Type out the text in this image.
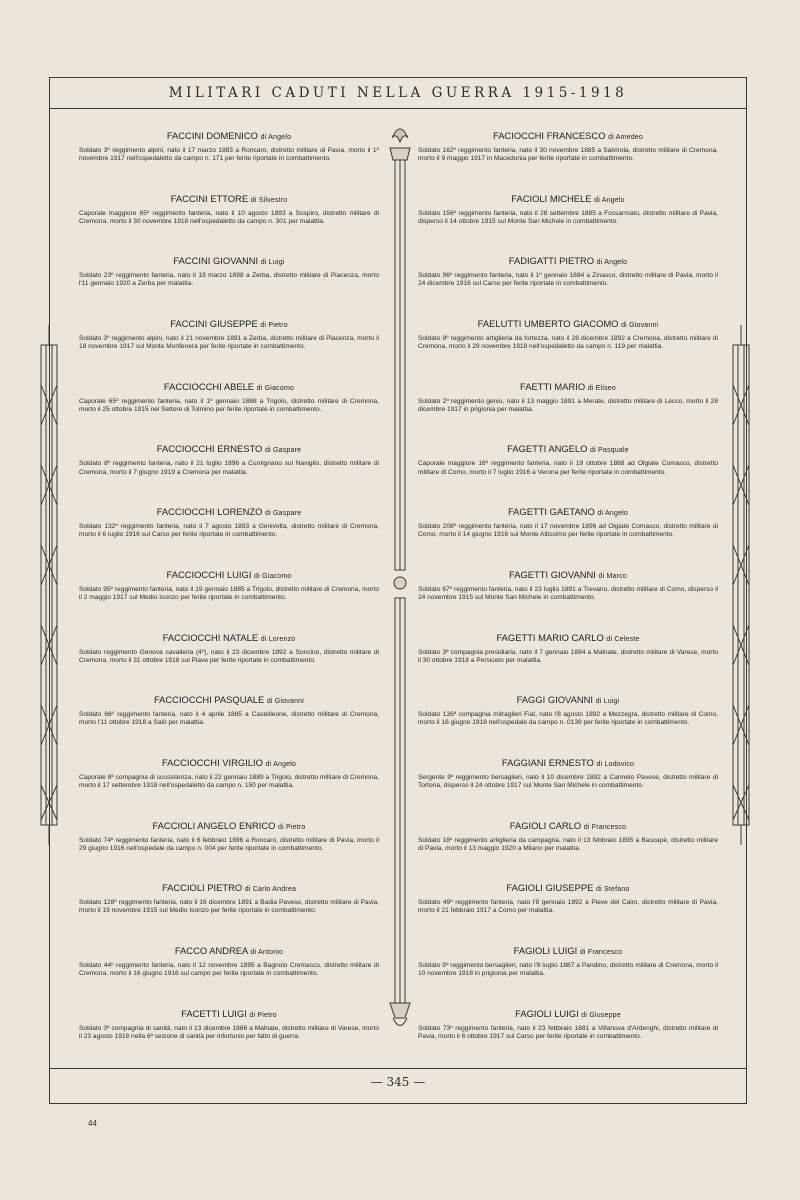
MILITARI CADUTI NELLA GUERRA 1915-1918
FACCINI DOMENICO di Angelo
Soldato 3º reggimento alpini, nato il 17 marzo 1883 a Roncaro, distretto militare di Pavia, morto il 1º novembre 1917 nell'ospedaletto da campo n. 171 per ferite riportate in combattimento.
FACCINI ETTORE di Silvestro
Caporale maggiore 65º reggimento fanteria, nato il 10 agosto 1893 a Sospiro, distretto militare di Cremona, morto il 30 novembre 1918 nell'ospedaletto da campo n. 301 per malattia.
FACCINI GIOVANNI di Luigi
Soldato 23º reggimento fanteria, nato il 19 marzo 1898 a Zerba, distretto militare di Piacenza, morto l'11 gennaio 1920 a Zerba per malattia.
FACCINI GIUSEPPE di Pietro
Soldato 3º reggimento alpini, nato il 21 novembre 1891 a Zerba, distretto militare di Piacenza, morto il 18 novembre 1917 sul Monte Monfenera per ferite riportate in combattimento.
FACCIOCCHI ABELE di Giacomo
Caporale 65º reggimento fanteria, nato il 1º gennaio 1888 a Trigolo, distretto militare di Cremona, morto il 25 ottobre 1915 nel Settore di Tolmino per ferite riportate in combattimento.
FACCIOCCHI ERNESTO di Gaspare
Soldato 8º reggimento fanteria, nato il 21 luglio 1896 a Cumignano sul Naviglio, distretto militare di Cremona, morto il 7 giugno 1919 a Cremona per malattia.
FACCIOCCHI LORENZO di Gaspare
Soldato 132º reggimento fanteria, nato il 7 agosto 1893 a Genivolta, distretto militare di Cremona, morto il 6 luglio 1916 sul Carso per ferite riportate in combattimento.
FACCIOCCHI LUIGI di Giacomo
Soldato 95º reggimento fanteria, nato il 19 gennaio 1885 a Trigolo, distretto militare di Cremona, morto il 2 maggio 1917 sul Medio Isonzo per ferite riportate in combattimento.
FACCIOCCHI NATALE di Lorenzo
Soldato reggimento Genova cavalleria (4º), nato il 23 dicembre 1892 a Soncino, distretto militare di Cremona, morto il 31 ottobre 1918 sul Piave per ferite riportate in combattimento.
FACCIOCCHI PASQUALE di Giovanni
Soldato 66º reggimento fanteria, nato il 4 aprile 1885 a Castelleone, distretto militare di Cremona, morto l'11 ottobre 1918 a Salò per malattia.
FACCIOCCHI VIRGILIO di Angelo
Caporale 8ª compagnia di sussistenza, nato il 22 gennaio 1889 a Trigolo, distretto militare di Cremona, morto il 17 settembre 1918 nell'ospedaletto da campo n. 150 per malattia.
FACCIOLI ANGELO ENRICO di Pietro
Soldato 74º reggimento fanteria, nato il 6 febbraio 1896 a Roncaro, distretto militare di Pavia, morto il 29 giugno 1916 nell'ospedale da campo n. 004 per ferite riportate in combattimento.
FACCIOLI PIETRO di Carlo Andrea
Soldato 128º reggimento fanteria, nato il 16 dicembre 1891 a Badia Pavese, distretto militare di Pavia, morto il 19 novembre 1915 sul Medio Isonzo per ferite riportate in combattimento.
FACCO ANDREA di Antonio
Soldato 44º reggimento fanteria, nato il 12 novembre 1895 a Bagnolo Cremasco, distretto militare di Cremona, morto il 16 giugno 1916 sul campo per ferite riportate in combattimento.
FACETTI LUIGI di Pietro
Soldato 3ª compagnia di sanità, nato il 13 dicembre 1886 a Malnate, distretto militare di Varese, morto il 23 agosto 1918 nella 6ª sezione di sanità per infortunio per fatto di guerra.
FACIOCCHI FRANCESCO di Amedeo
Soldato 162º reggimento fanteria, nato il 30 novembre 1885 a Salvirola, distretto militare di Cremona, morto il 9 maggio 1917 in Macedonia per ferite riportate in combattimento.
FACIOLI MICHELE di Angelo
Soldato 156º reggimento fanteria, nato il 28 settembre 1885 a Fossarmato, distretto militare di Pavia, disperso il 14 ottobre 1915 sul Monte San Michele in combattimento.
FADIGATTI PIETRO di Angelo
Soldato 96º reggimento fanteria, nato il 1º gennaio 1884 a Zinasco, distretto militare di Pavia, morto il 24 dicembre 1916 sul Carso per ferite riportate in combattimento.
FAELUTTI UMBERTO GIACOMO di Giovanni
Soldato 9º reggimento artiglieria da fortezza, nato il 28 dicembre 1892 a Cremona, distretto militare di Cremona, morto il 29 novembre 1918 nell'ospedaletto da campo n. 119 per malattia.
FAETTI MARIO di Eliseo
Soldato 2º reggimento genio, nato il 13 maggio 1891 a Merate, distretto militare di Lecco, morto il 28 dicembre 1917 in prigionia per malattia.
FAGETTI ANGELO di Pasquale
Caporale maggiore 16º reggimento fanteria, nato il 19 ottobre 1888 ad Olgiate Comasco, distretto militare di Como, morto il 7 luglio 1916 a Verona per ferite riportate in combattimento.
FAGETTI GAETANO di Angelo
Soldato 208º reggimento fanteria, nato il 17 novembre 1896 ad Olgiate Comasco, distretto militare di Como, morto il 14 giugno 1916 sul Monte Altissimo per ferite riportate in combattimento.
FAGETTI GIOVANNI di Marco
Soldato 67º reggimento fanteria, nato il 23 luglio 1891 a Trevano, distretto militare di Como, disperso il 24 novembre 1915 sul Monte San Michele in combattimento.
FAGETTI MARIO CARLO di Celeste
Soldato 3ª compagnia presidiaria, nato il 7 gennaio 1894 a Malnate, distretto militare di Varese, morto il 30 ottobre 1918 a Persiceto per malattia.
FAGGI GIOVANNI di Luigi
Soldato 136ª compagnia mitraglieri Fiat, nato l'8 agosto 1892 a Mezzegra, distretto militare di Como, morto il 16 giugno 1918 nell'ospedale da campo n. 0139 per ferite riportate in combattimento.
FAGGIANI ERNESTO di Lodovico
Sergente 9º reggimento bersaglieri, nato il 10 dicembre 1892 a Canneto Pavese, distretto militare di Tortona, disperso il 24 ottobre 1917 sul Monte San Michele in combattimento.
FAGIOLI CARLO di Francesco
Soldato 18º reggimento artiglieria da campagna, nato il 13 febbraio 1895 a Bascapè, distretto militare di Pavia, morto il 13 maggio 1920 a Milano per malattia.
FAGIOLI GIUSEPPE di Stefano
Soldato 49º reggimento fanteria, nato l'8 gennaio 1892 a Pieve del Cairo, distretto militare di Pavia, morto il 21 febbraio 1917 a Como per malattia.
FAGIOLI LUIGI di Francesco
Soldato 9º reggimento bersaglieri, nato l'8 luglio 1887 a Pandino, distretto militare di Cremona, morto il 10 novembre 1918 in prigionia per malattia.
FAGIOLI LUIGI di Giuseppe
Soldato 73º reggimento fanteria, nato il 23 febbraio 1881 a Villanova d'Ardenghi, distretto militare di Pavia, morto il 6 ottobre 1917 sul Carso per ferite riportate in combattimento.
— 345 —
44
